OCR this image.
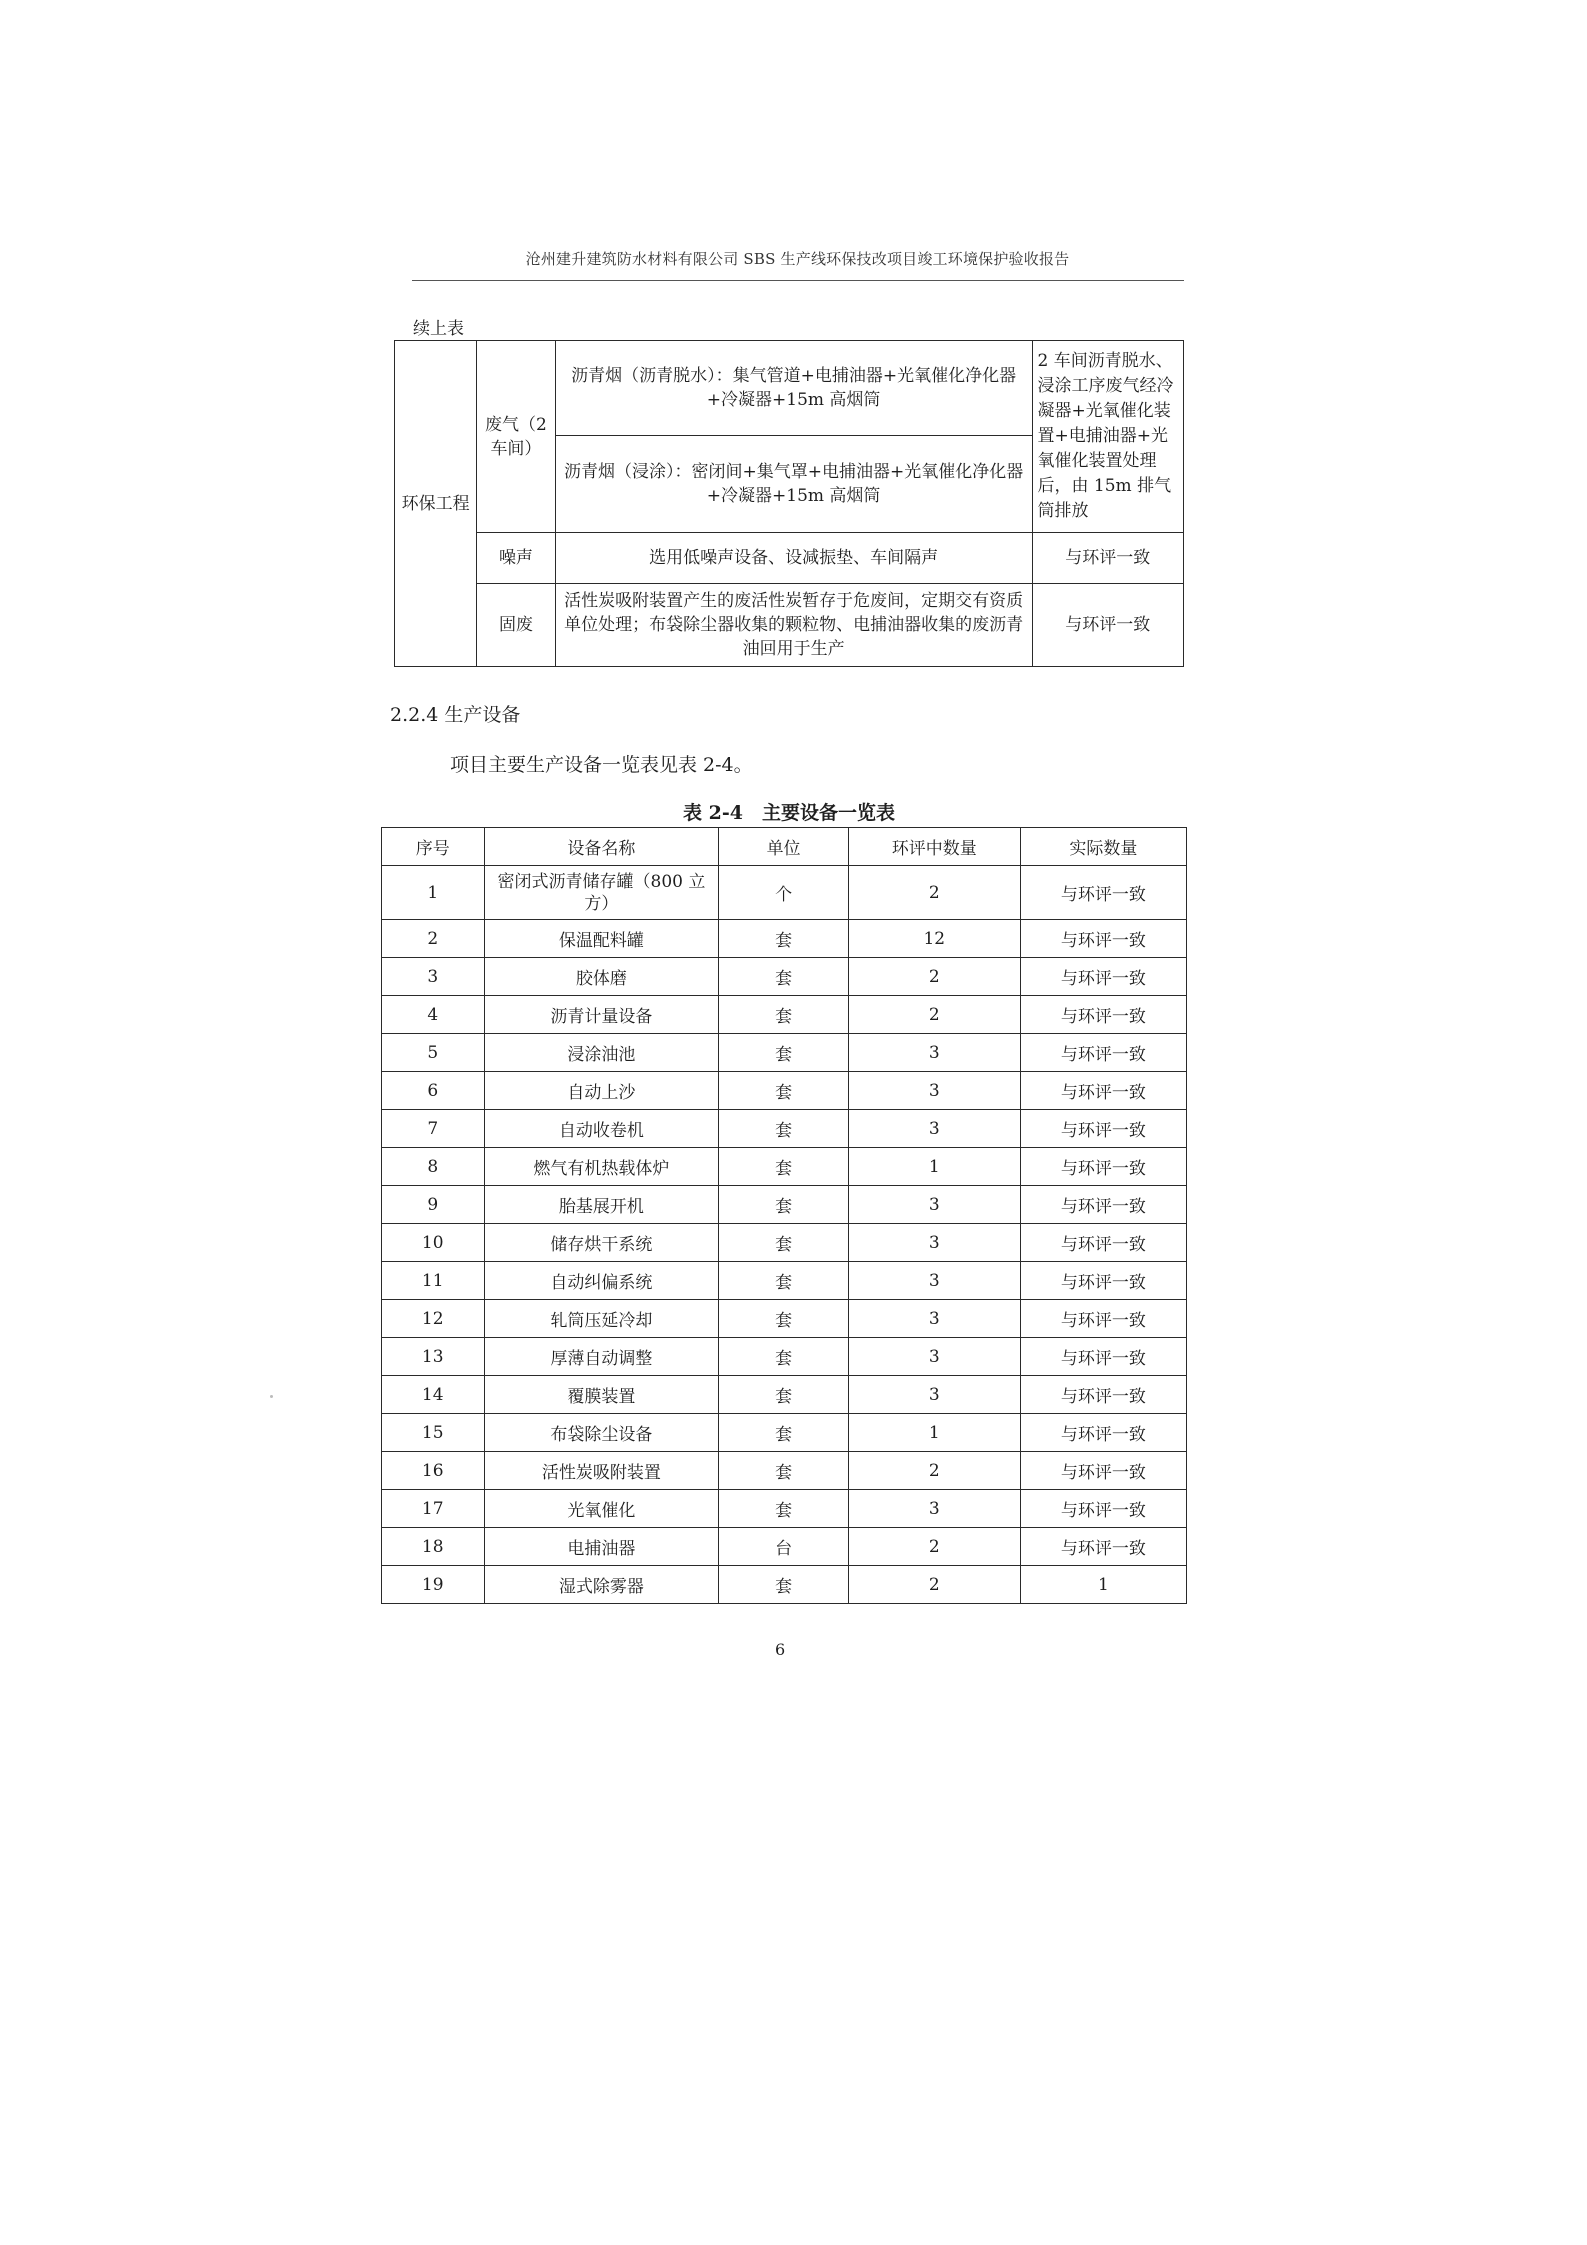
沧州建升建筑防水材料有限公司 SBS 生产线环保技改项目竣工环境保护验收报告
续上表
环保工程	废气（2 车间）	沥青烟（沥青脱水）：集气管道+电捕油器+光氧催化净化器+冷凝器+15m 高烟筒	2 车间沥青脱水、浸涂工序废气经冷凝器+光氧催化装置+电捕油器+光氧催化装置处理后，由 15m 排气筒排放
		沥青烟（浸涂）：密闭间+集气罩+电捕油器+光氧催化净化器+冷凝器+15m 高烟筒	
	噪声	选用低噪声设备、设减振垫、车间隔声	与环评一致
	固废	活性炭吸附装置产生的废活性炭暂存于危废间，定期交有资质单位处理；布袋除尘器收集的颗粒物、电捕油器收集的废沥青油回用于生产	与环评一致
2.2.4 生产设备
项目主要生产设备一览表见表 2-4。
表 2-4　主要设备一览表
序号	设备名称	单位	环评中数量	实际数量
1	密闭式沥青储存罐（800 立方）	个	2	与环评一致
2	保温配料罐	套	12	与环评一致
3	胶体磨	套	2	与环评一致
4	沥青计量设备	套	2	与环评一致
5	浸涂油池	套	3	与环评一致
6	自动上沙	套	3	与环评一致
7	自动收卷机	套	3	与环评一致
8	燃气有机热载体炉	套	1	与环评一致
9	胎基展开机	套	3	与环评一致
10	储存烘干系统	套	3	与环评一致
11	自动纠偏系统	套	3	与环评一致
12	轧筒压延冷却	套	3	与环评一致
13	厚薄自动调整	套	3	与环评一致
14	覆膜装置	套	3	与环评一致
15	布袋除尘设备	套	1	与环评一致
16	活性炭吸附装置	套	2	与环评一致
17	光氧催化	套	3	与环评一致
18	电捕油器	台	2	与环评一致
19	湿式除雾器	套	2	1
6
